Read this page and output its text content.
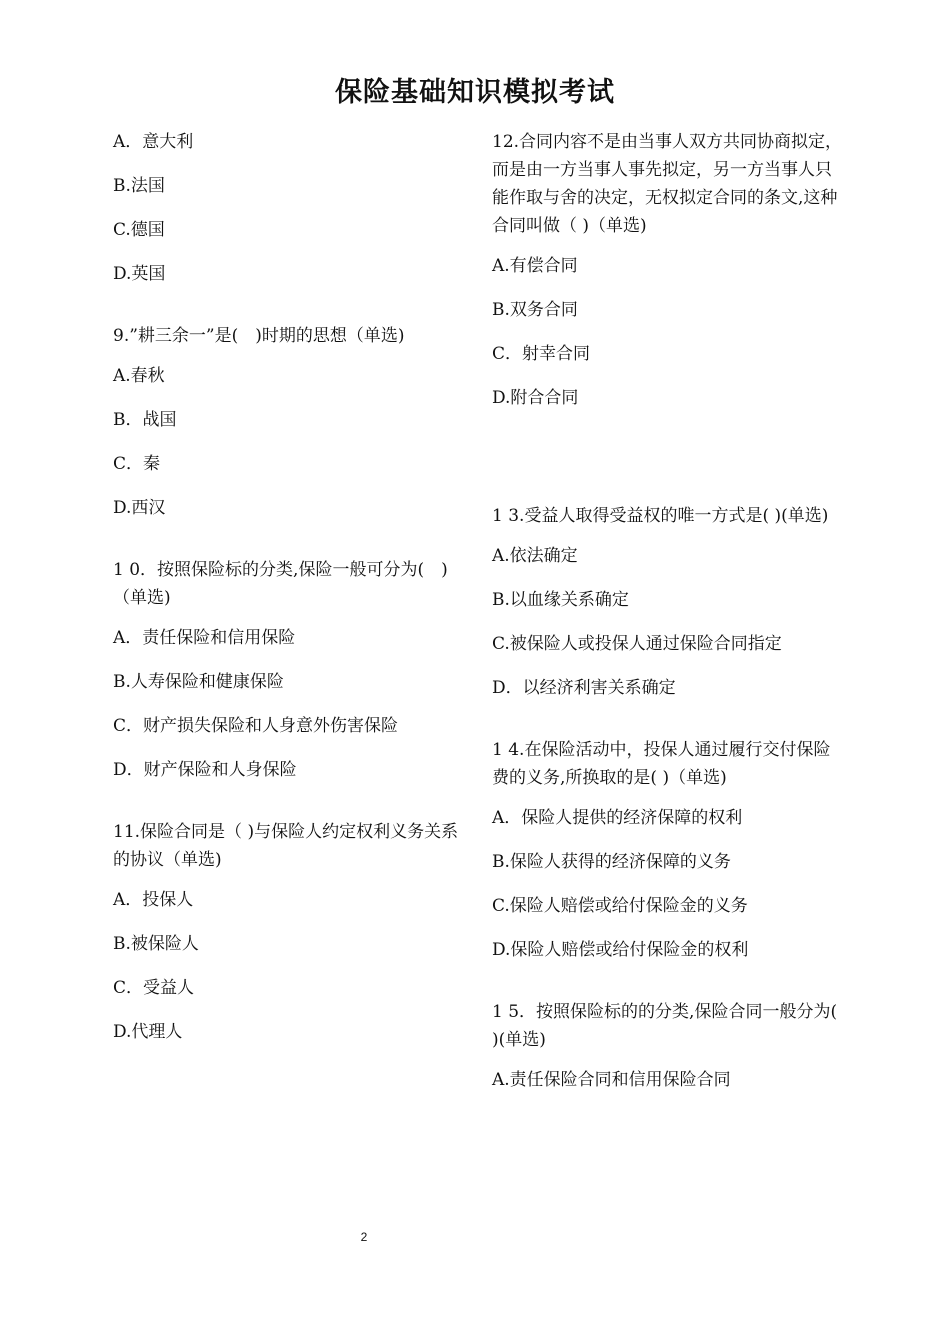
保险基础知识模拟考试
A．意大利
B.法国
C.德国
D.英国

9.”耕三余一”是(　)时期的思想（单选)

A.春秋
B．战国
C．秦
D.西汉

1 0．按照保险标的分类,保险一般可分为(　)（单选)

A．责任保险和信用保险
B.人寿保险和健康保险
C．财产损失保险和人身意外伤害保险
D．财产保险和人身保险

11.保险合同是（ )与保险人约定权利义务关系的协议（单选)

A．投保人
B.被保险人
C．受益人
D.代理人

12.合同内容不是由当事人双方共同协商拟定，而是由一方当事人事先拟定，另一方当事人只能作取与舍的决定，无权拟定合同的条文,这种合同叫做（ )（单选)

A.有偿合同
B.双务合同
C．射幸合同
D.附合合同

1 3.受益人取得受益权的唯一方式是( )(单选)

A.依法确定
B.以血缘关系确定
C.被保险人或投保人通过保险合同指定
D．以经济利害关系确定

1 4.在保险活动中，投保人通过履行交付保险费的义务,所换取的是( )（单选)

A．保险人提供的经济保障的权利
B.保险人获得的经济保障的义务
C.保险人赔偿或给付保险金的义务
D.保险人赔偿或给付保险金的权利

1 5．按照保险标的的分类,保险合同一般分为( )(单选)

A.责任保险合同和信用保险合同
2
